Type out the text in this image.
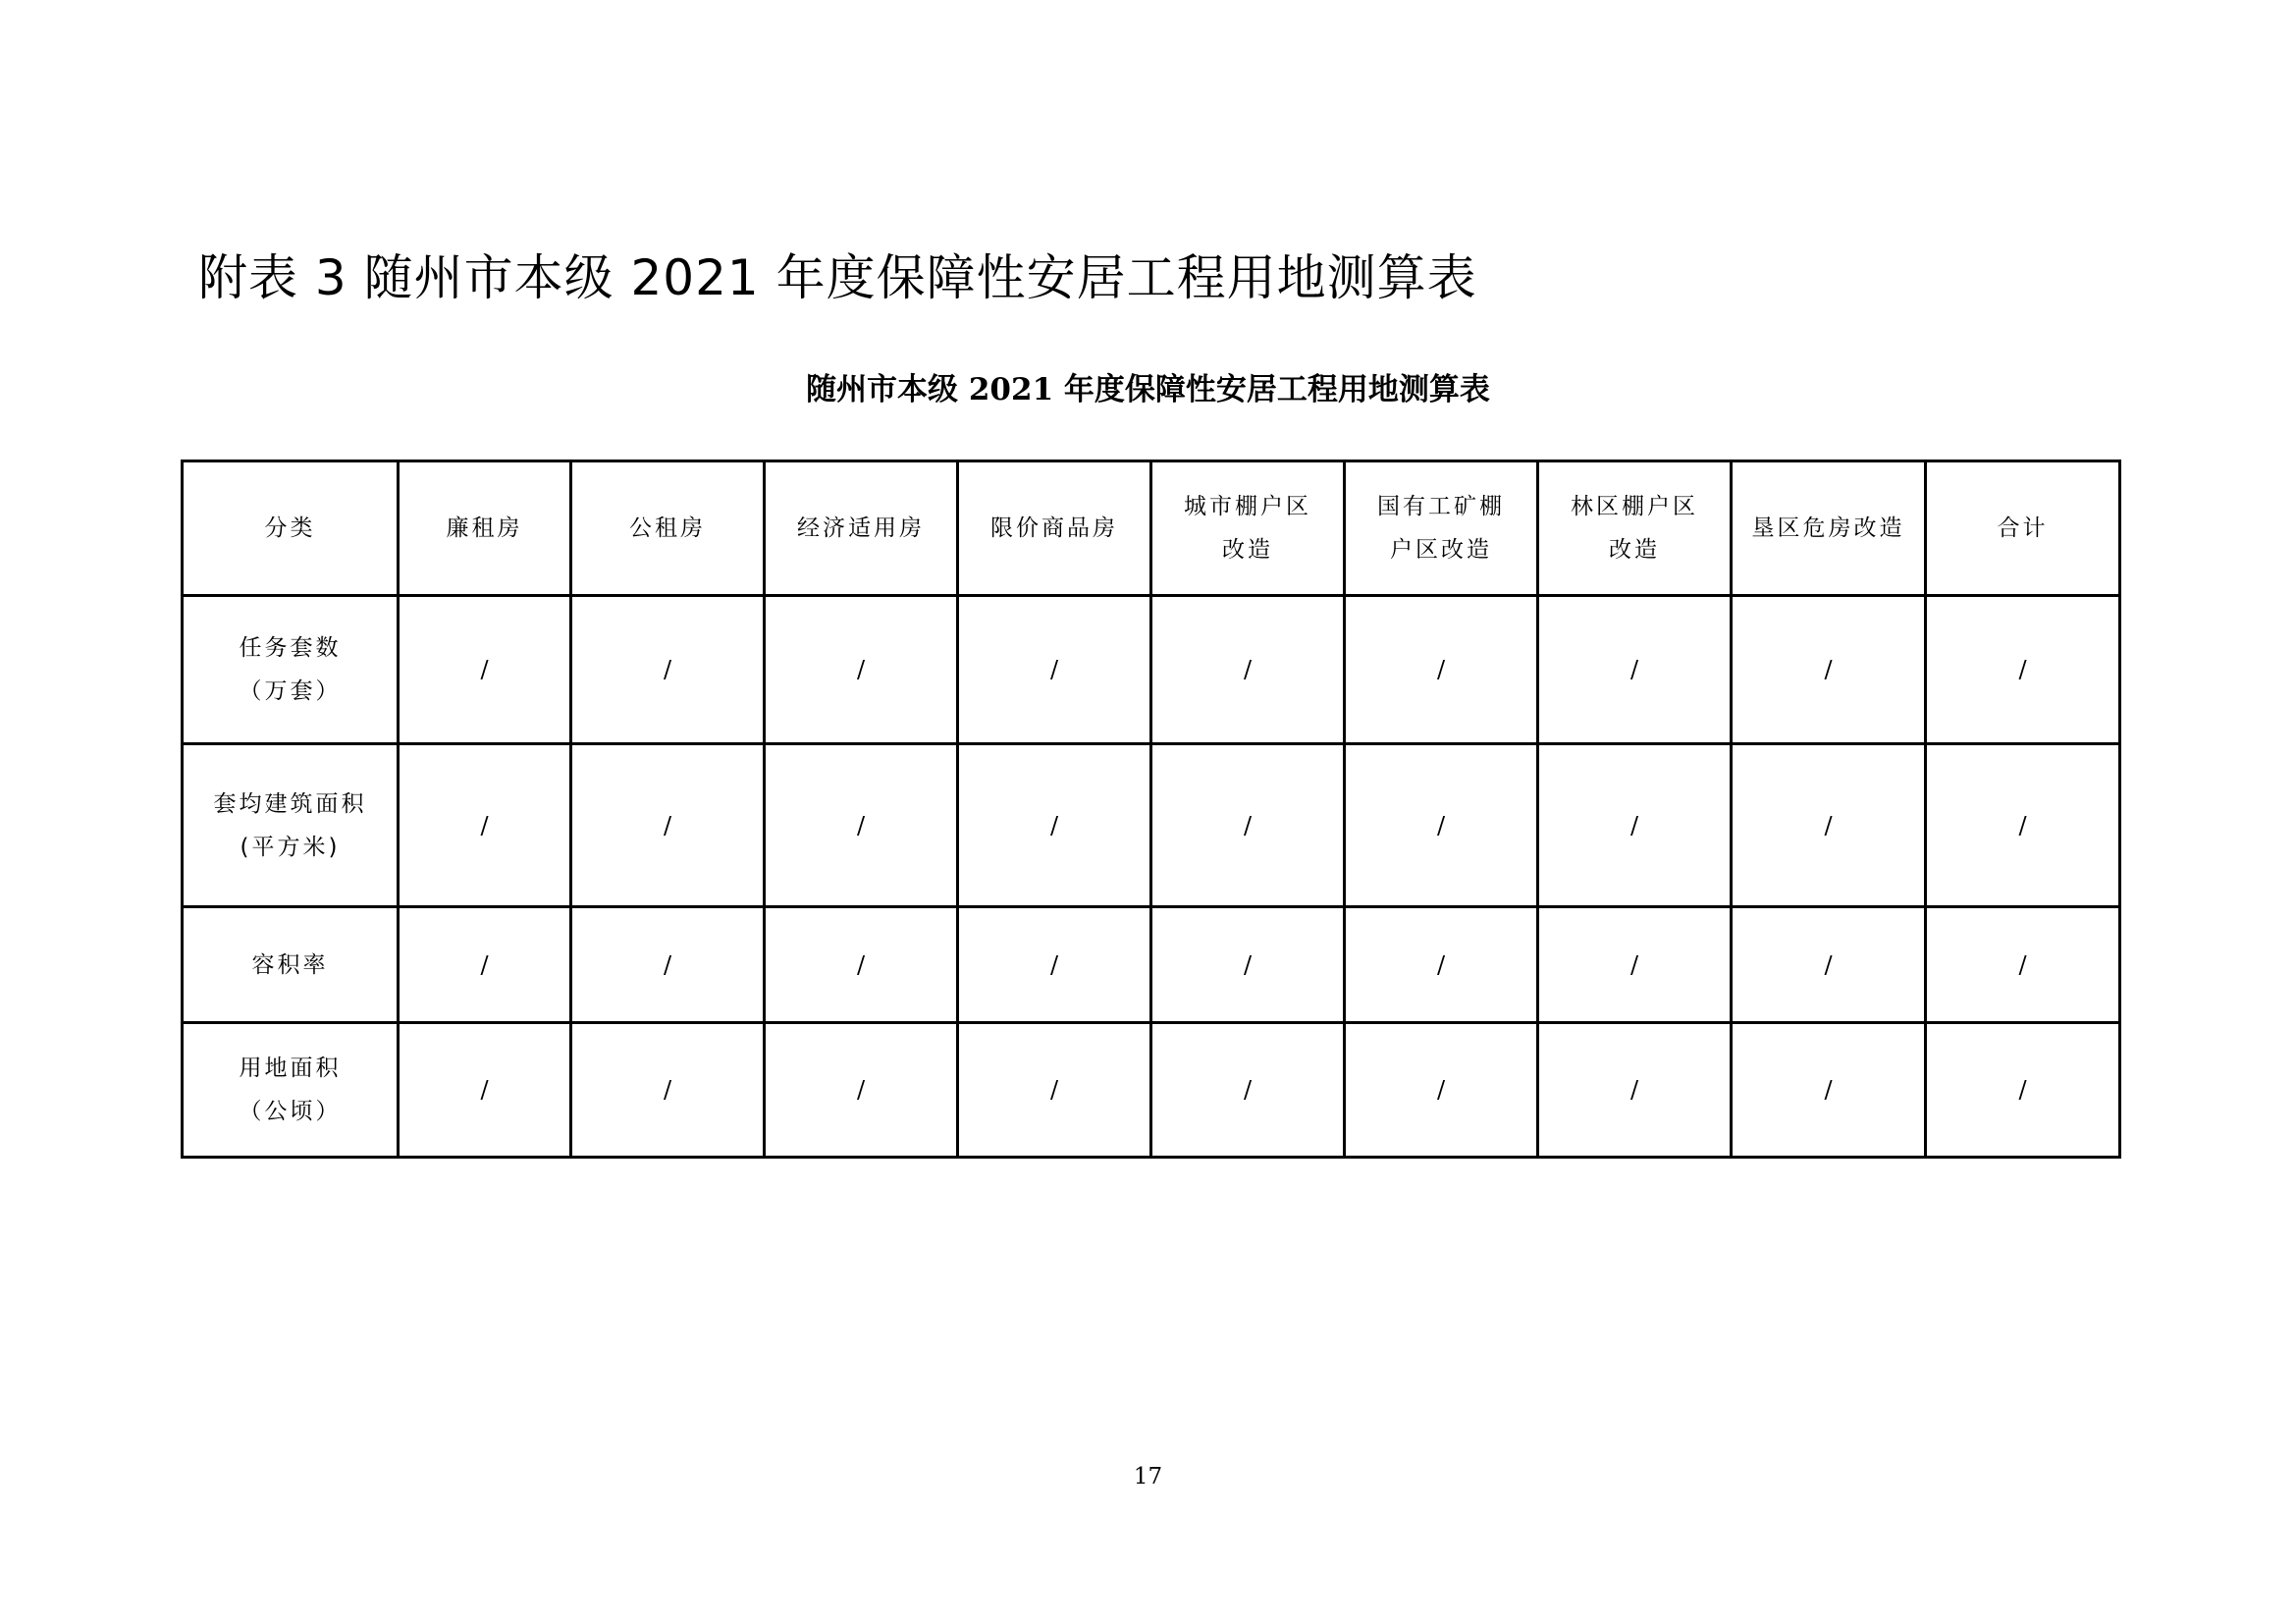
附表 3 随州市本级 2021 年度保障性安居工程用地测算表
随州市本级 2021 年度保障性安居工程用地测算表
分类	廉租房	公租房	经济适用房	限价商品房	城市棚户区改造	国有工矿棚户区改造	林区棚户区改造	垦区危房改造	合计
任务套数（万套）	/	/	/	/	/	/	/	/	/
套均建筑面积(平方米)	/	/	/	/	/	/	/	/	/
容积率	/	/	/	/	/	/	/	/	/
用地面积（公顷）	/	/	/	/	/	/	/	/	/
17
